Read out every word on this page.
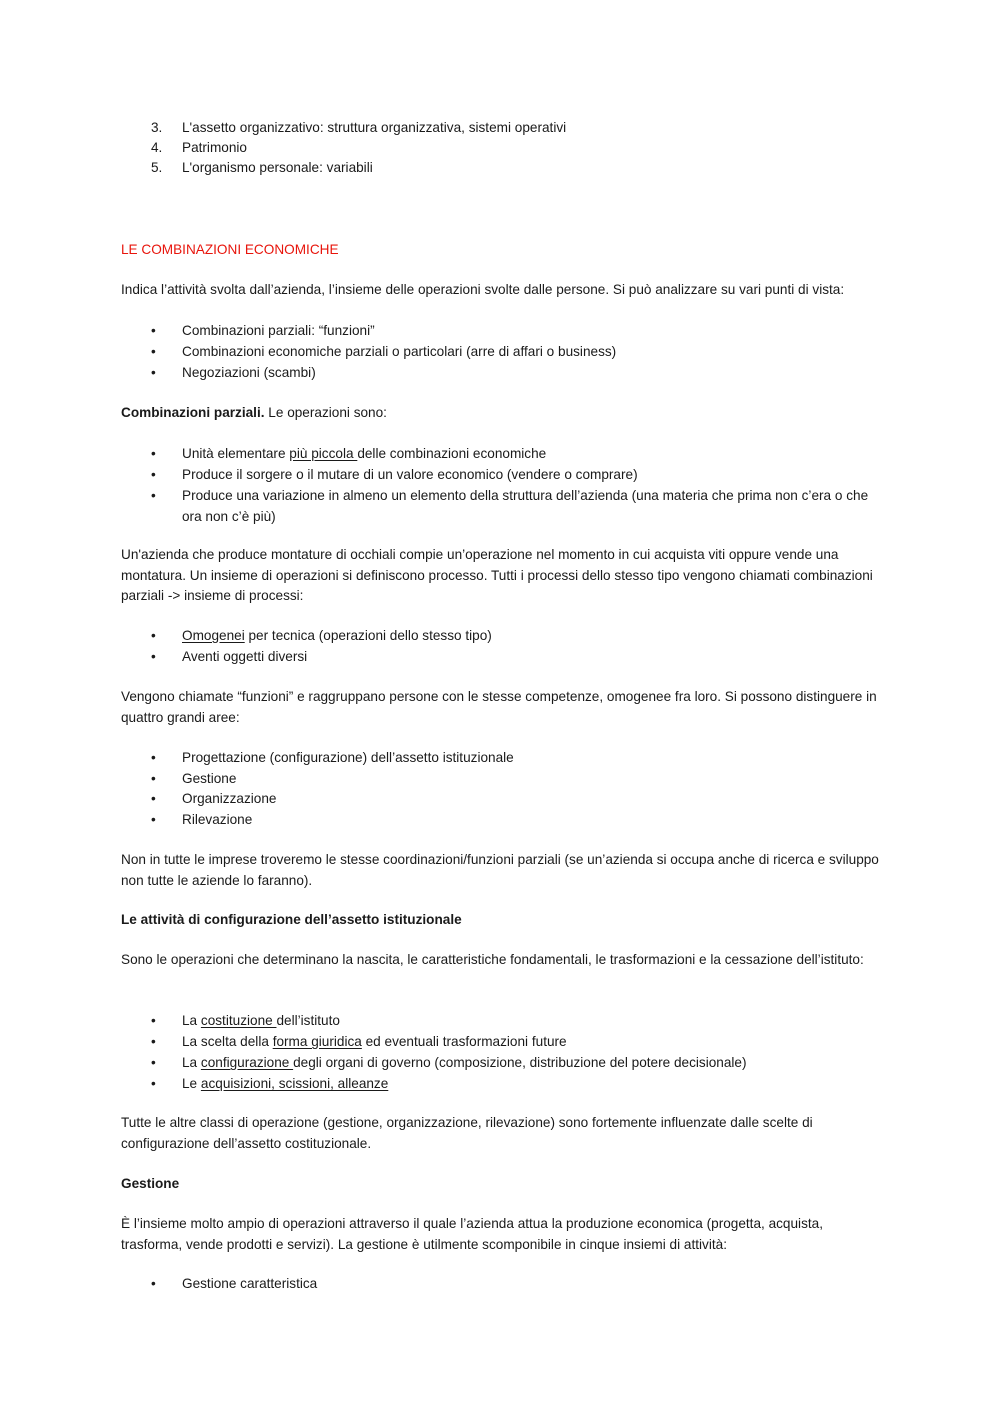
3.	L'assetto organizzativo: struttura organizzativa, sistemi operativi
4.	Patrimonio
5.	L'organismo personale: variabili
LE COMBINAZIONI ECONOMICHE

Indica l’attività svolta dall’azienda, l’insieme delle operazioni svolte dalle persone. Si può analizzare su vari punti di vista:

• Combinazioni parziali: “funzioni”
• Combinazioni economiche parziali o particolari (arre di affari o business)
• Negoziazioni (scambi)
Combinazioni parziali. Le operazioni sono:
• Unità elementare più piccola delle combinazioni economiche
• Produce il sorgere o il mutare di un valore economico (vendere o comprare)
• Produce una variazione in almeno un elemento della struttura dell’azienda (una materia che prima non c’era o che ora non c’è più)

Un'azienda che produce montature di occhiali compie un’operazione nel momento in cui acquista viti oppure vende una montatura. Un insieme di operazioni si definiscono processo. Tutti i processi dello stesso tipo vengono chiamati combinazioni parziali -> insieme di processi:

• Omogenei per tecnica (operazioni dello stesso tipo)
• Aventi oggetti diversi

Vengono chiamate “funzioni” e raggruppano persone con le stesse competenze, omogenee fra loro. Si possono distinguere in quattro grandi aree:

• Progettazione (configurazione) dell’assetto istituzionale
• Gestione
• Organizzazione
• Rilevazione

Non in tutte le imprese troveremo le stesse coordinazioni/funzioni parziali (se un’azienda si occupa anche di ricerca e sviluppo non tutte le aziende lo faranno).

Le attività di configurazione dell’assetto istituzionale

Sono le operazioni che determinano la nascita, le caratteristiche fondamentali, le trasformazioni e la cessazione dell’istituto:

• La costituzione dell’istituto
• La scelta della forma giuridica ed eventuali trasformazioni future
• La configurazione degli organi di governo (composizione, distribuzione del potere decisionale)
• Le acquisizioni, scissioni, alleanze

Tutte le altre classi di operazione (gestione, organizzazione, rilevazione) sono fortemente influenzate dalle scelte di configurazione dell’assetto costituzionale.

Gestione

È l’insieme molto ampio di operazioni attraverso il quale l’azienda attua la produzione economica (progetta, acquista, trasforma, vende prodotti e servizi). La gestione è utilmente scomponibile in cinque insiemi di attività:

• Gestione caratteristica
